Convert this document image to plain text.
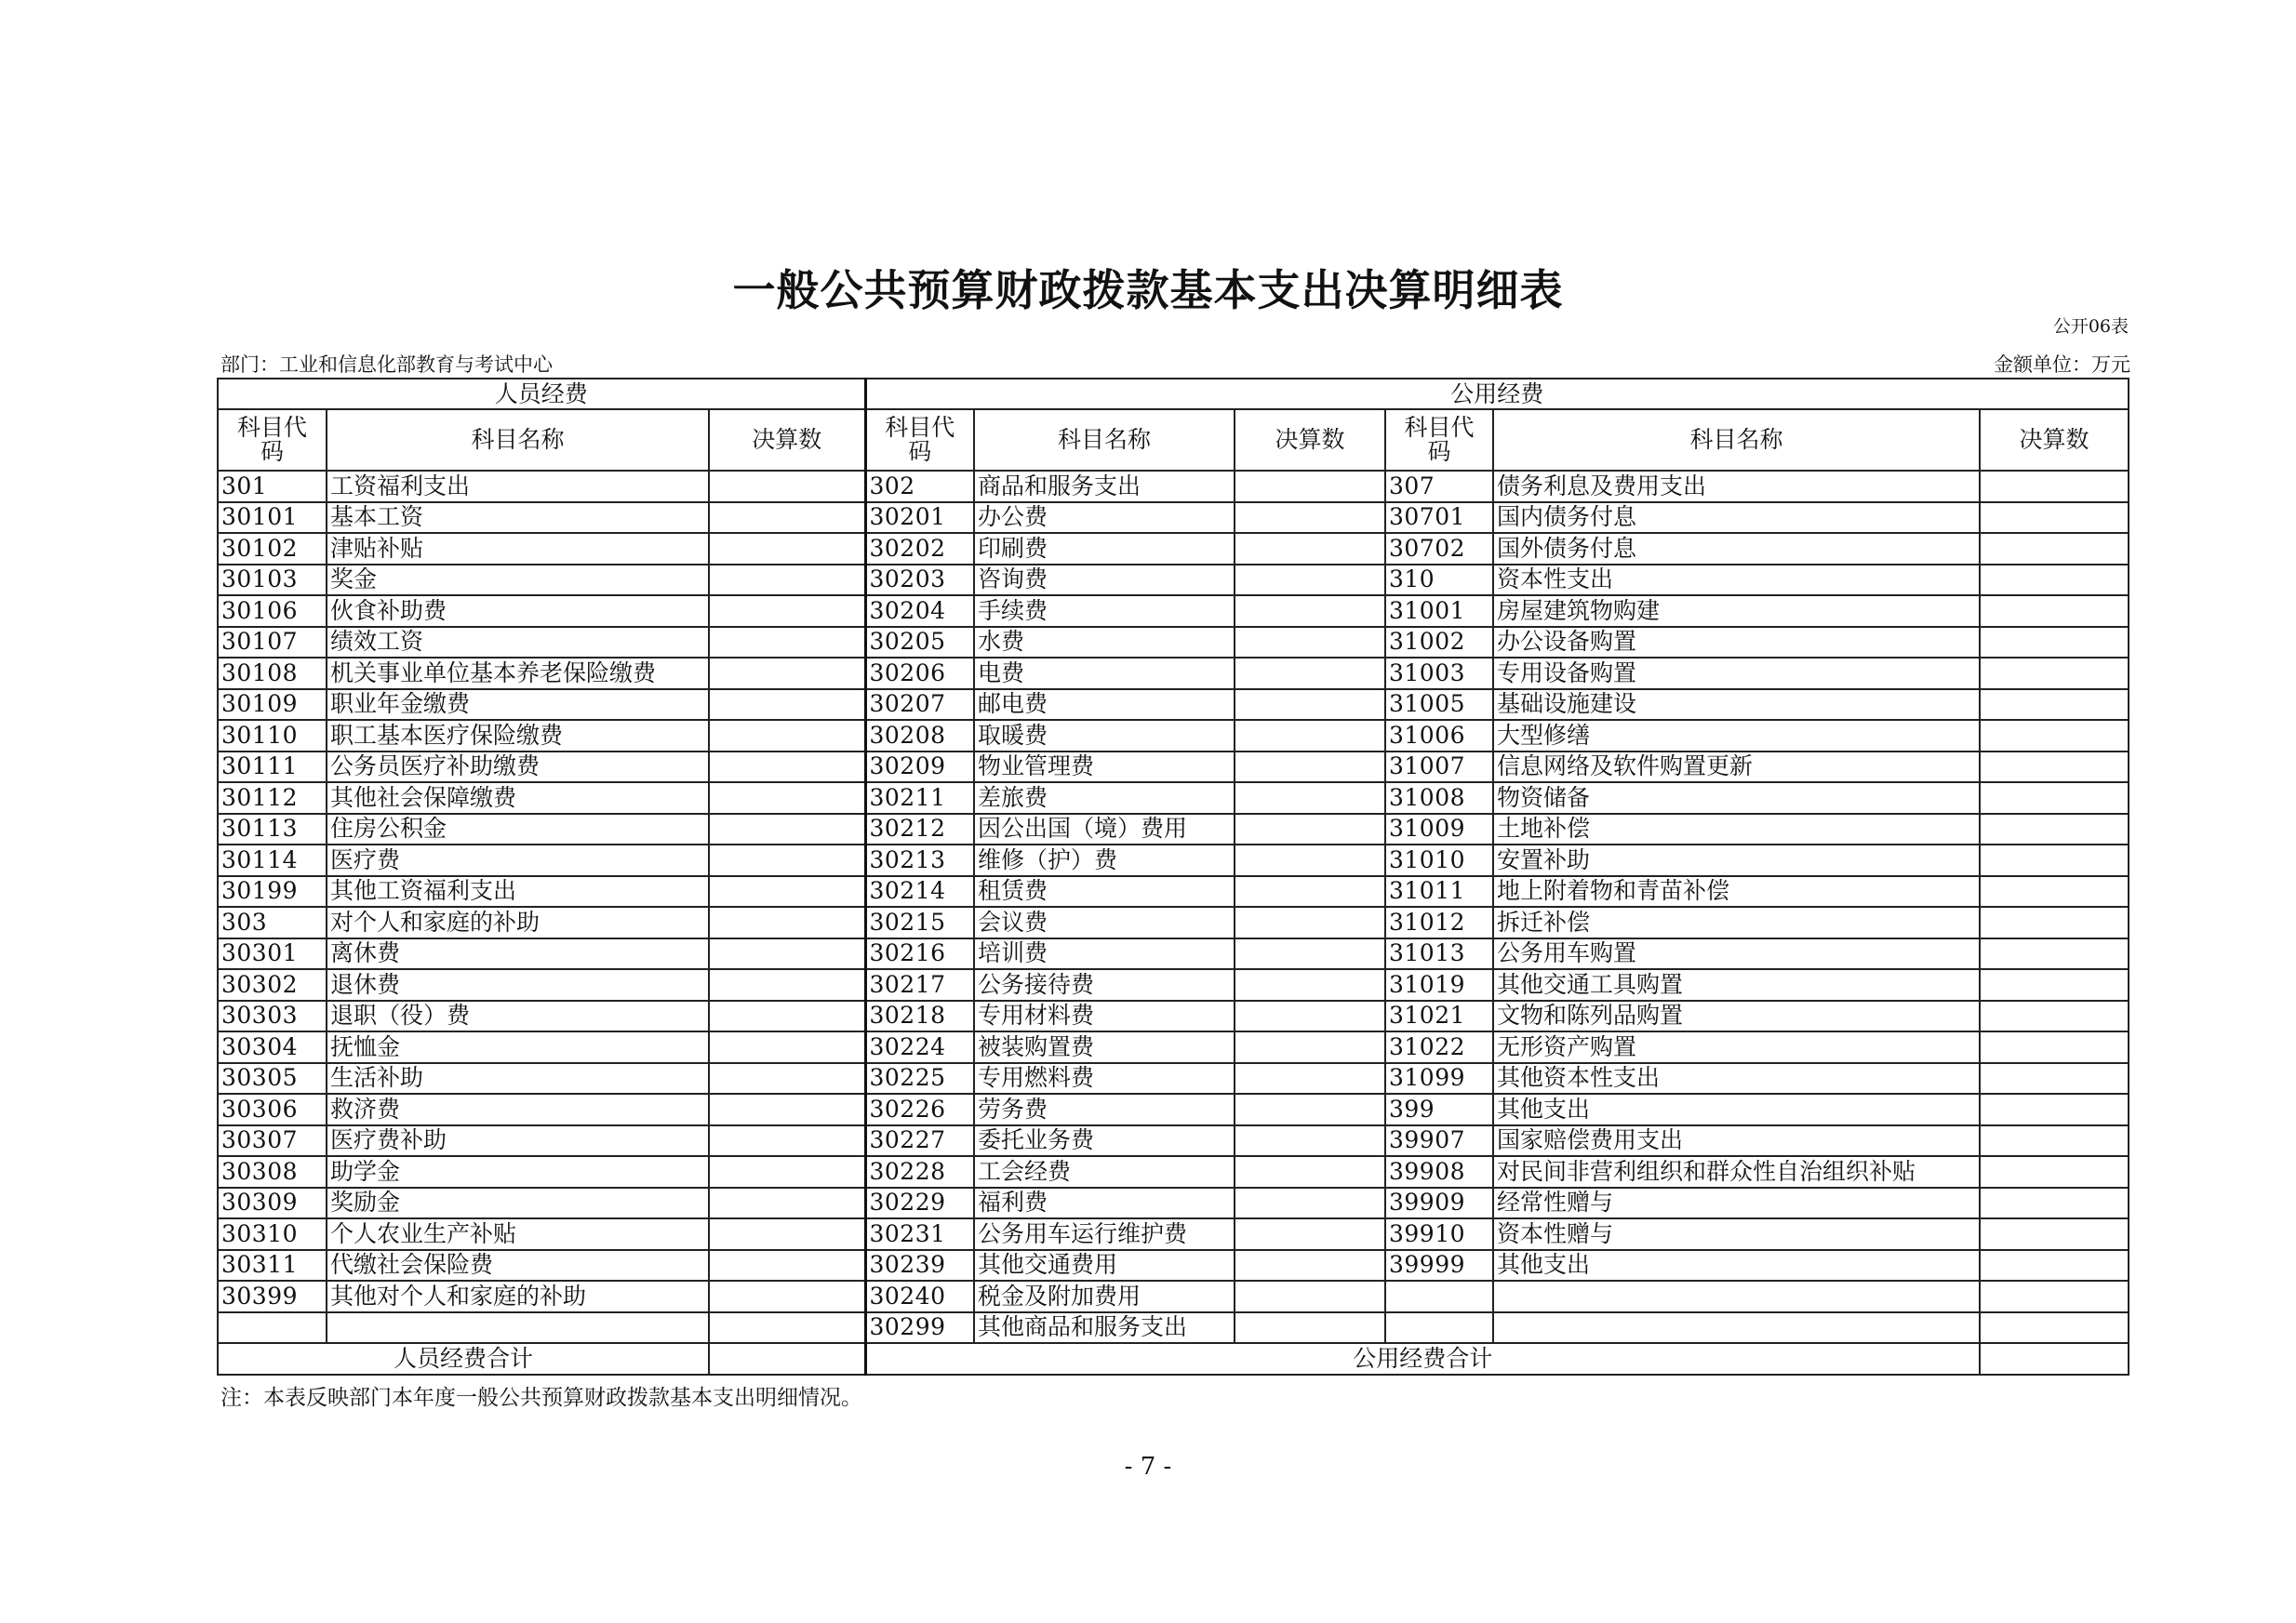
一般公共预算财政拨款基本支出决算明细表
公开06表
部门：工业和信息化部教育与考试中心	金额单位：万元
人员经费			公用经费					

科目代码	科目名称	决算数	科目代码	科目名称	决算数	科目代码	科目名称	决算数
301	工资福利支出		302	商品和服务支出		307	债务利息及费用支出	
30101	基本工资		30201	办公费		30701	国内债务付息	
30102	津贴补贴		30202	印刷费		30702	国外债务付息	
30103	奖金		30203	咨询费		310	资本性支出	
30106	伙食补助费		30204	手续费		31001	房屋建筑物购建	
30107	绩效工资		30205	水费		31002	办公设备购置	
30108	机关事业单位基本养老保险缴费		30206	电费		31003	专用设备购置	
30109	职业年金缴费		30207	邮电费		31005	基础设施建设	
30110	职工基本医疗保险缴费		30208	取暖费		31006	大型修缮	
30111	公务员医疗补助缴费		30209	物业管理费		31007	信息网络及软件购置更新	
30112	其他社会保障缴费		30211	差旅费		31008	物资储备	
30113	住房公积金		30212	因公出国（境）费用		31009	土地补偿	
30114	医疗费		30213	维修（护）费		31010	安置补助	
30199	其他工资福利支出		30214	租赁费		31011	地上附着物和青苗补偿	
303	对个人和家庭的补助		30215	会议费		31012	拆迁补偿	
30301	离休费		30216	培训费		31013	公务用车购置	
30302	退休费		30217	公务接待费		31019	其他交通工具购置	
30303	退职（役）费		30218	专用材料费		31021	文物和陈列品购置	
30304	抚恤金		30224	被装购置费		31022	无形资产购置	
30305	生活补助		30225	专用燃料费		31099	其他资本性支出	
30306	救济费		30226	劳务费		399	其他支出	
30307	医疗费补助		30227	委托业务费		39907	国家赔偿费用支出	
30308	助学金		30228	工会经费		39908	对民间非营利组织和群众性自治组织补贴	
30309	奖励金		30229	福利费		39909	经常性赠与	
30310	个人农业生产补贴		30231	公务用车运行维护费		39910	资本性赠与	
30311	代缴社会保险费		30239	其他交通费用		39999	其他支出	
30399	其他对个人和家庭的补助		30240	税金及附加费用				
			30299	其他商品和服务支出				
人员经费合计			公用经费合计					
注：本表反映部门本年度一般公共预算财政拨款基本支出明细情况。
- 7 -
